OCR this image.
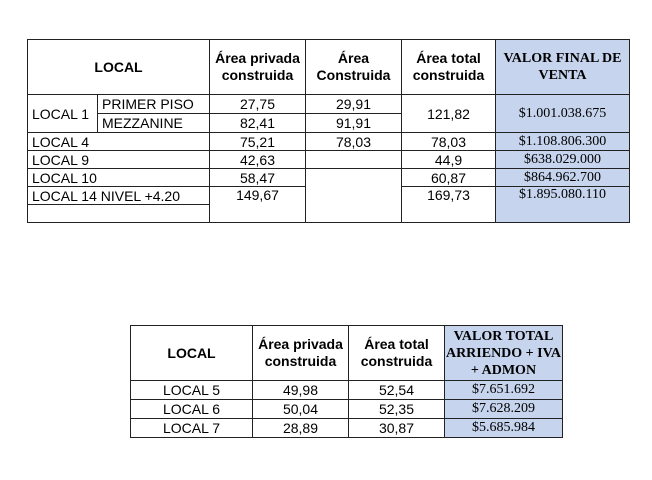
LOCAL		Área privada construida	Área Construida	Área total construida	VALOR FINAL DE VENTA
LOCAL 1	PRIMER PISO	27,75	29,91	121,82	$1.001.038.675
	MEZZANINE	82,41	91,91		
LOCAL 4		75,21	78,03	78,03	$1.108.806.300
LOCAL 9		42,63		44,9	$638.029.000
LOCAL 10		58,47		60,87	$864.962.700
LOCAL 14 NIVEL +4.20		149,67		169,73	$1.895.080.110

LOCAL	Área privada construida	Área total construida	VALOR TOTAL ARRIENDO + IVA + ADMON
LOCAL 5	49,98	52,54	$7.651.692
LOCAL 6	50,04	52,35	$7.628.209
LOCAL 7	28,89	30,87	$5.685.984
